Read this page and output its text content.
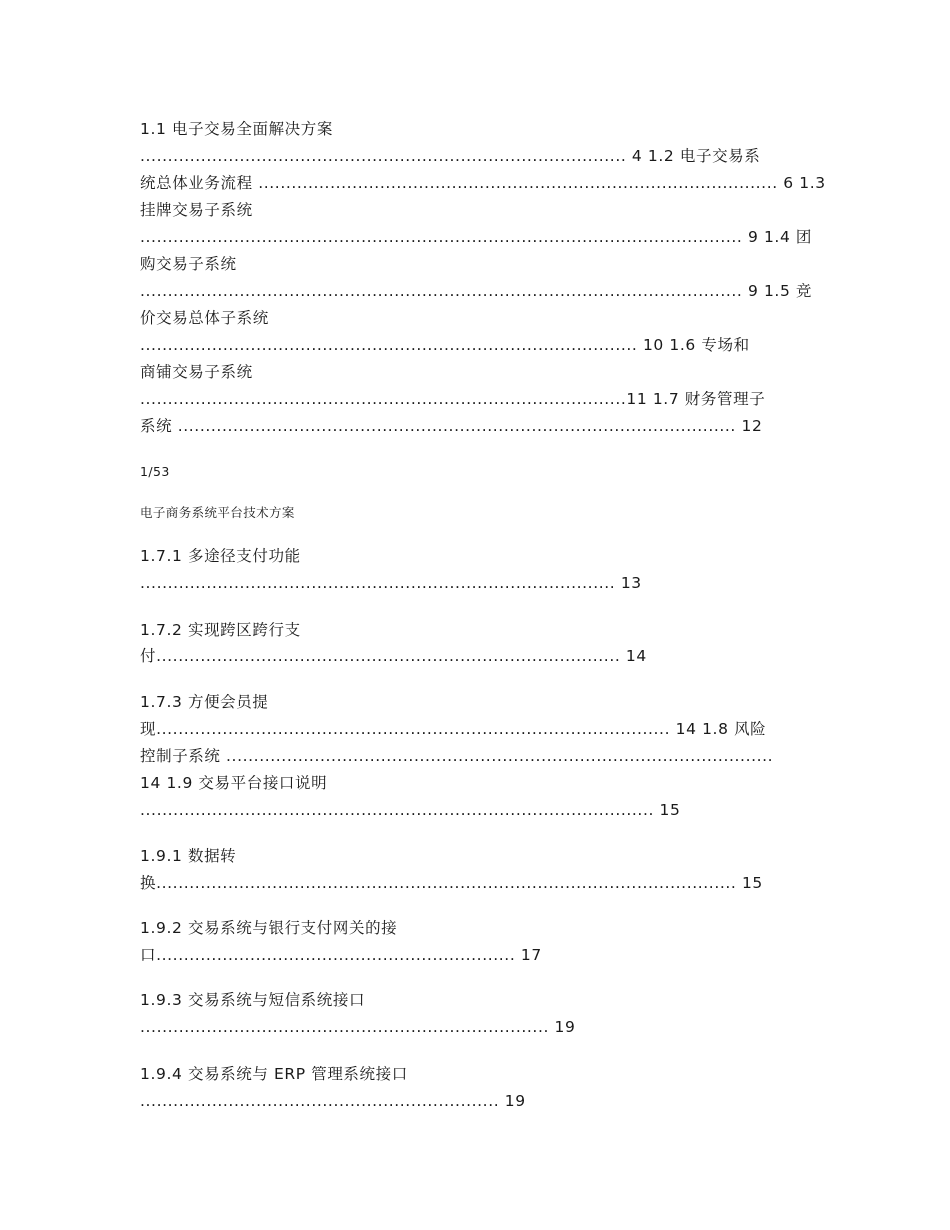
1.1 电子交易全面解决方案
........................................................................................ 4 1.2 电子交易系
统总体业务流程 .............................................................................................. 6 1.3
挂牌交易子系统
............................................................................................................. 9 1.4 团
购交易子系统
............................................................................................................. 9 1.5 竞
价交易总体子系统
.......................................................................................... 10 1.6 专场和
商铺交易子系统
........................................................................................11 1.7 财务管理子
系统 ..................................................................................................... 12
1/53
电子商务系统平台技术方案
1.7.1 多途径支付功能
...................................................................................... 13
1.7.2 实现跨区跨行支
付.................................................................................... 14
1.7.3 方便会员提
现............................................................................................. 14 1.8 风险
控制子系统 ...................................................................................................
14 1.9 交易平台接口说明
............................................................................................. 15
1.9.1 数据转
换......................................................................................................... 15
1.9.2 交易系统与银行支付网关的接
口................................................................. 17
1.9.3 交易系统与短信系统接口
.......................................................................... 19
1.9.4 交易系统与 ERP 管理系统接口
................................................................. 19
